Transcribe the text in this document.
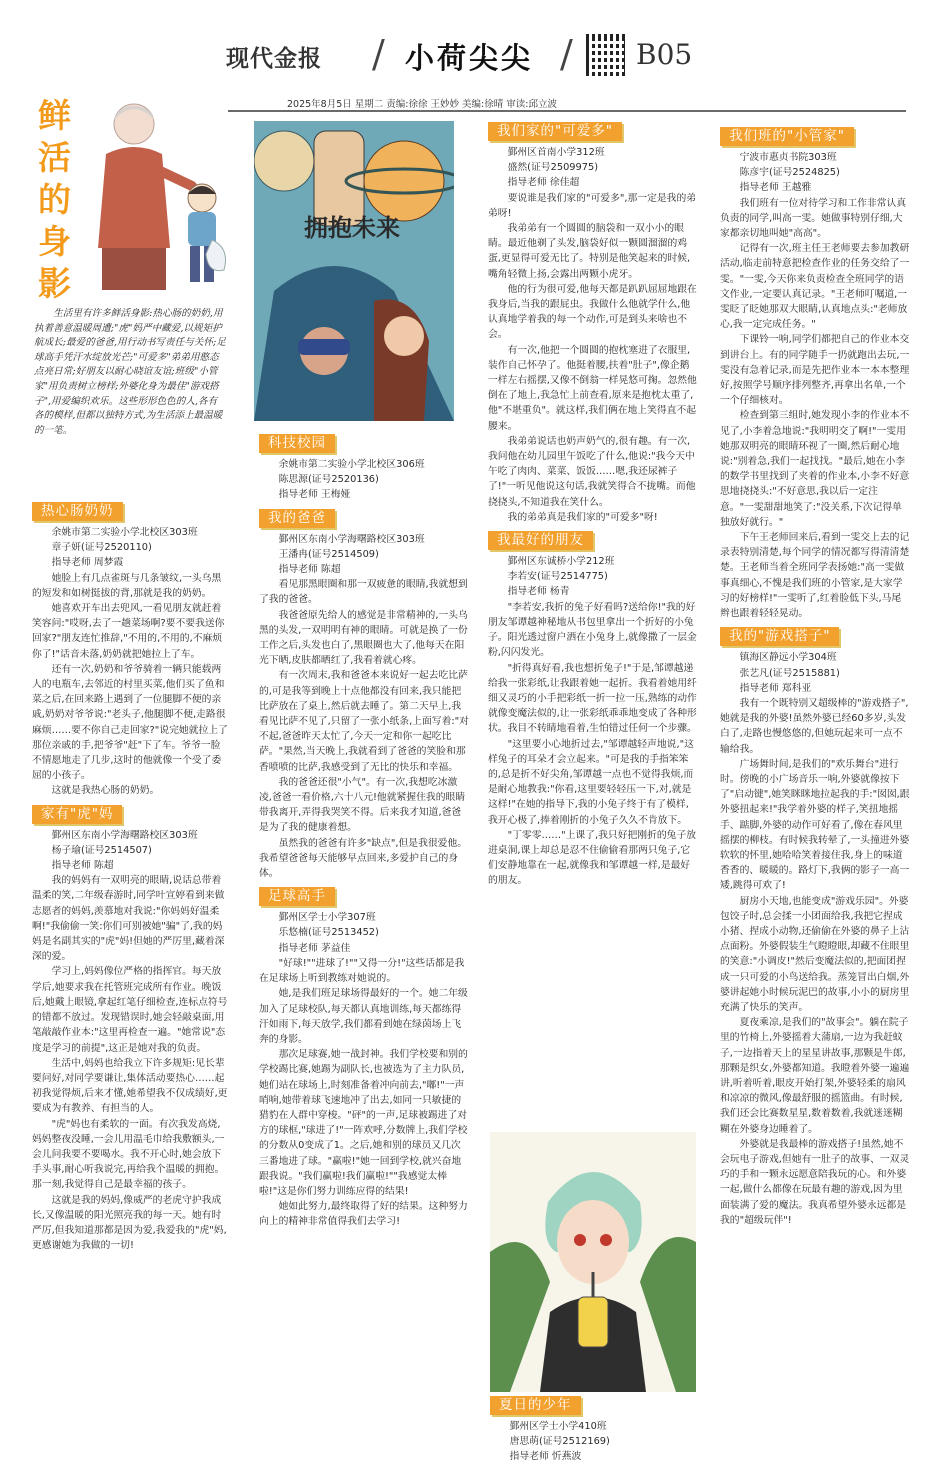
现代金报 / 小荷尖尖 / B05
2025年8月5日 星期二 责编:徐徐 王妙妙 美编:徐晴 审读:邱立波
鲜活的身影

生活里有许多鲜活身影:热心肠的奶奶,用执着善意温暖周遭;"虎"妈严中藏爱,以规矩护航成长;最爱的爸爸,用行动书写责任与关怀;足球高手凭汗水绽放光芒;"可爱多"弟弟用憨态点亮日常;好朋友以耐心晓谊友谊;班级"小管家"用负责树立榜样;外婆化身为最佳"游戏搭子",用爱编织欢乐。这些形形色色的人,各有各的模样,但都以独特方式,为生活添上最温暖的一笔。

热心肠奶奶

余姚市第二实验小学北校区303班

章子妍(证号2520110)

指导老师 周梦霞

她脸上有几点雀斑与几条皱纹,一头乌黑的短发和如树挺拔的背,那就是我的奶奶。

她喜欢开车出去兜风,一看见朋友就赶着笑容问:"哎呀,去了一趟菜场啊?要不要我送你回家?"朋友连忙推辞,"不用的,不用的,不麻烦你了!"话音未落,奶奶就把她拉上了车。

还有一次,奶奶和爷爷骑着一辆只能载两人的电瓶车,去邻近的村里买菜,他们买了鱼和菜之后,在回来路上遇到了一位腿脚不便的亲戚,奶奶对爷爷说:"老头子,他腿脚不便,走路很麻烦……要不你自己走回家?"说完她就拉上了那位亲戚的手,把爷爷"赶"下了车。爷爷一脸不情愿地走了几步,这时的他就像一个受了委屈的小孩子。

这就是我热心肠的奶奶。

家有"虎"妈

鄞州区东南小学海曙路校区303班

杨子瑜(证号2514507)

指导老师 陈超

我的妈妈有一双明亮的眼睛,说话总带着温柔的笑,二年级春游时,同学叶宣婷看到来做志愿者的妈妈,羡慕地对我说:"你妈妈好温柔啊!"我偷偷一笑:你们可别被她"骗"了,我的妈妈是名副其实的"虎"妈!但她的严厉里,藏着深深的爱。

学习上,妈妈像位严格的指挥官。每天放学后,她要求我在托管班完成所有作业。晚饭后,她戴上眼镜,拿起红笔仔细检查,连标点符号的错都不放过。发现错误时,她会轻敲桌面,用笔敲敲作业本:"这里再检查一遍。"她常说"态度是学习的前提",这正是她对我的负责。

生活中,妈妈也给我立下许多规矩:见长辈要问好,对同学要谦让,集体活动要热心……起初我觉得烦,后来才懂,她希望我不仅成绩好,更要成为有教养、有担当的人。

"虎"妈也有柔软的一面。有次我发高烧,妈妈整夜没睡,一会儿用温毛巾给我敷额头,一会儿问我要不要喝水。我不开心时,她会放下手头事,耐心听我说完,再给我个温暖的拥抱。那一刻,我觉得自己是最幸福的孩子。

这就是我的妈妈,像威严的老虎守护我成长,又像温暖的阳光照亮我的每一天。她有时严厉,但我知道那都是因为爱,我爱我的"虎"妈,更感谢她为我做的一切!

拥抱未来
科技校园

余姚市第二实验小学北校区306班

陈思源(证号2520136)

指导老师 王梅娅

我的爸爸

鄞州区东南小学海曙路校区303班

王潘冉(证号2514509)

指导老师 陈超

看见那黑眼圈和那一双疲惫的眼睛,我就想到了我的爸爸。

我爸爸原先给人的感觉是非常精神的,一头乌黑的头发,一双明明有神的眼睛。可就是换了一份工作之后,头发也白了,黑眼圈也大了,他每天在阳光下晒,皮肤都晒红了,我看着就心疼。

有一次周末,我和爸爸本来说好一起去吃比萨的,可是我等到晚上十点他都没有回来,我只能把比萨放在了桌上,然后就去睡了。第二天早上,我看见比萨不见了,只留了一张小纸条,上面写着:"对不起,爸爸昨天太忙了,今天一定和你一起吃比萨。"果然,当天晚上,我就看到了爸爸的笑脸和那香喷喷的比萨,我感受到了无比的快乐和幸福。

我的爸爸还很"小气"。有一次,我想吃冰激凌,爸爸一看价格,六十八元!他就紧握住我的眼睛带我离开,弄得我哭笑不得。后来我才知道,爸爸是为了我的健康着想。

虽然我的爸爸有许多"缺点",但是我很爱他。我希望爸爸每天能够早点回来,多爱护自己的身体。

足球高手

鄞州区学士小学307班

乐悠楠(证号2513452)

指导老师 茅益佳

"好球!""进球了!""又得一分!"这些话都是我在足球场上听到教练对她说的。

她,是我们班足球场得最好的一个。她二年级加入了足球校队,每天都认真地训练,每天都练得汗如雨下,每天放学,我们都看到她在绿茵场上飞奔的身影。

那次足球赛,她一战封神。我们学校要和别的学校踢比赛,她踢为副队长,也被选为了主力队员,她们站在球场上,时刻准备着冲向前去,"嘟!"一声哨响,她带着球飞速地冲了出去,如同一只敏捷的猎豹在人群中穿梭。"砰"的一声,足球被踢进了对方的球框,"球进了!"一阵欢呼,分数牌上,我们学校的分数从0变成了1。之后,她和别的球员又几次三番地进了球。"赢啦!"她一回到学校,就兴奋地跟我说。"我们赢啦!我们赢啦!""我感觉太棒啦!"这是你们努力训练应得的结果!

她如此努力,最终取得了好的结果。这种努力向上的精神非常值得我们去学习!

我们家的"可爱多"

鄞州区首南小学312班

盛然(证号2509975)

指导老师 徐佳超

要说谁是我们家的"可爱多",那一定是我的弟弟呀!

我弟弟有一个圆圆的脑袋和一双小小的眼睛。最近他剃了头发,脑袋好似一颗圆溜溜的鸡蛋,更显得可爱无比了。特别是他笑起来的时候,嘴角轻微上扬,会露出两颗小虎牙。

他的行为很可爱,他每天都是趴趴屈屈地跟在我身后,当我的跟屁虫。我做什么他就学什么,他认真地学着我的每一个动作,可是到头来啥也不会。

有一次,他把一个圆圆的抱枕塞进了衣服里,装作自己怀孕了。他挺着腰,扶着"肚子",像企鹅一样左右摇摆,又像不倒翁一样晃悠可掬。忽然他倒在了地上,我急忙上前查看,原来是抱枕太重了,他"不堪重负"。就这样,我们俩在地上笑得直不起腰来。

我弟弟说话也奶声奶气的,很有趣。有一次,我问他在幼儿园里午饭吃了什么,他说:"我今天中午吃了肉肉、菜菜、饭饭……嗯,我还尿裤子了!"一听见他说这句话,我就笑得合不拢嘴。而他挠挠头,不知道我在笑什么。

我的弟弟真是我们家的"可爱多"呀!

我最好的朋友

鄞州区东诚桥小学212班

李若安(证号2514775)

指导老师 杨青

"李若安,我折的兔子好看吗?送给你!"我的好朋友邹谭越神秘地从书包里拿出一个折好的小兔子。阳光透过窗户洒在小兔身上,就像撒了一层金粉,闪闪发光。

"折得真好看,我也想折兔子!"于是,邹谭越递给我一张彩纸,让我跟着她一起折。我看着她用纤细又灵巧的小手把彩纸一折一拉一压,熟练的动作就像变魔法似的,让一张彩纸乖乖地变成了各种形状。我目不转睛地看着,生怕错过任何一个步骤。

"这里要小心地折过去,"邹谭越轻声地说,"这样兔子的耳朵才会立起来。"可是我的手指笨笨的,总是折不好尖角,邹谭越一点也不觉得我烦,而是耐心地教我:"你看,这里要轻轻压一下,对,就是这样!"在她的指导下,我的小兔子终于有了模样,我开心极了,捧着刚折的小兔子久久不肯放下。

"丁零零……"上课了,我只好把刚折的兔子放进桌洞,课上却总是忍不住偷偷看那两只兔子,它们安静地靠在一起,就像我和邹谭越一样,是最好的朋友。

夏日的少年

鄞州区学士小学410班

唐思萌(证号2512169)

指导老师 忻燕波

我们班的"小管家"

宁波市惠贞书院303班

陈彦宇(证号2524825)

指导老师 王越雅

我们班有一位对待学习和工作非常认真负责的同学,叫高一雯。她做事特别仔细,大家都亲切地叫她"高高"。

记得有一次,班主任王老师要去参加教研活动,临走前特意把检查作业的任务交给了一雯。"一雯,今天你来负责检查全班同学的语文作业,一定要认真记录。"王老师叮嘱道,一雯眨了眨她那双大眼睛,认真地点头:"老师放心,我一定完成任务。"

下课铃一响,同学们都把自己的作业本交到讲台上。有的同学随手一扔就跑出去玩,一雯没有急着记录,而是先把作业本一本本整理好,按照学号顺序排列整齐,再拿出名单,一个一个仔细核对。

检查到第三组时,她发现小李的作业本不见了,小李着急地说:"我明明交了啊!"一雯用她那双明亮的眼睛环视了一圈,然后耐心地说:"别着急,我们一起找找。"最后,她在小李的数学书里找到了夹着的作业本,小李不好意思地挠挠头:"不好意思,我以后一定注意。"一雯甜甜地笑了:"没关系,下次记得单独放好就行。"

下午王老师回来后,看到一雯交上去的记录表特别清楚,每个同学的情况都写得清清楚楚。王老师当着全班同学表扬她:"高一雯做事真细心,不愧是我们班的小管家,是大家学习的好榜样!"一雯听了,红着脸低下头,马尾辫也跟着轻轻晃动。

我的"游戏搭子"

镇海区静远小学304班

张艺凡(证号2515881)

指导老师 郑科亚

我有一个既特别又超级棒的"游戏搭子",她就是我的外婆!虽然外婆已经60多岁,头发白了,走路也慢悠悠的,但她玩起来可一点不输给我。

广场舞时间,是我们的"欢乐舞台"进行时。傍晚的小广场音乐一响,外婆就像按下了"启动键",她笑眯眯地拉起我的手:"囡囡,跟外婆扭起来!"我学着外婆的样子,笑扭地摇手、踮脚,外婆的动作可好看了,像在春风里摇摆的柳枝。有时候我转晕了,一头撞进外婆软软的怀里,她哈哈笑着接住我,身上的味道香香的、暖暖的。路灯下,我俩的影子一高一矮,跳得可欢了!

厨房小天地,也能变成"游戏乐园"。外婆包饺子时,总会揉一小团面给我,我把它捏成小猪、捏成小动物,还偷偷在外婆的鼻子上沾点面粉。外婆假装生气瞪瞪眼,却藏不住眼里的笑意:"小调皮!"然后变魔法似的,把面团捏成一只可爱的小鸟送给我。蒸笼冒出白烟,外婆讲起她小时候玩泥巴的故事,小小的厨房里充满了快乐的笑声。

夏夜乘凉,是我们的"故事会"。躺在院子里的竹椅上,外婆摇着大蒲扇,一边为我赶蚊子,一边指着天上的星星讲故事,那颗是牛郎,那颗是织女,外婆都知道。我瞪着外婆一遍遍讲,听着听着,眼皮开始打架,外婆轻柔的扇风和凉凉的微风,像最舒服的摇篮曲。有时候,我们还会比赛数星星,数着数着,我就迷迷糊糊在外婆身边睡着了。

外婆就是我最棒的游戏搭子!虽然,她不会玩电子游戏,但她有一肚子的故事、一双灵巧的手和一颗永远愿意陪我玩的心。和外婆一起,做什么都像在玩最有趣的游戏,因为里面装满了爱的魔法。我真希望外婆永远都是我的"超级玩伴"!
